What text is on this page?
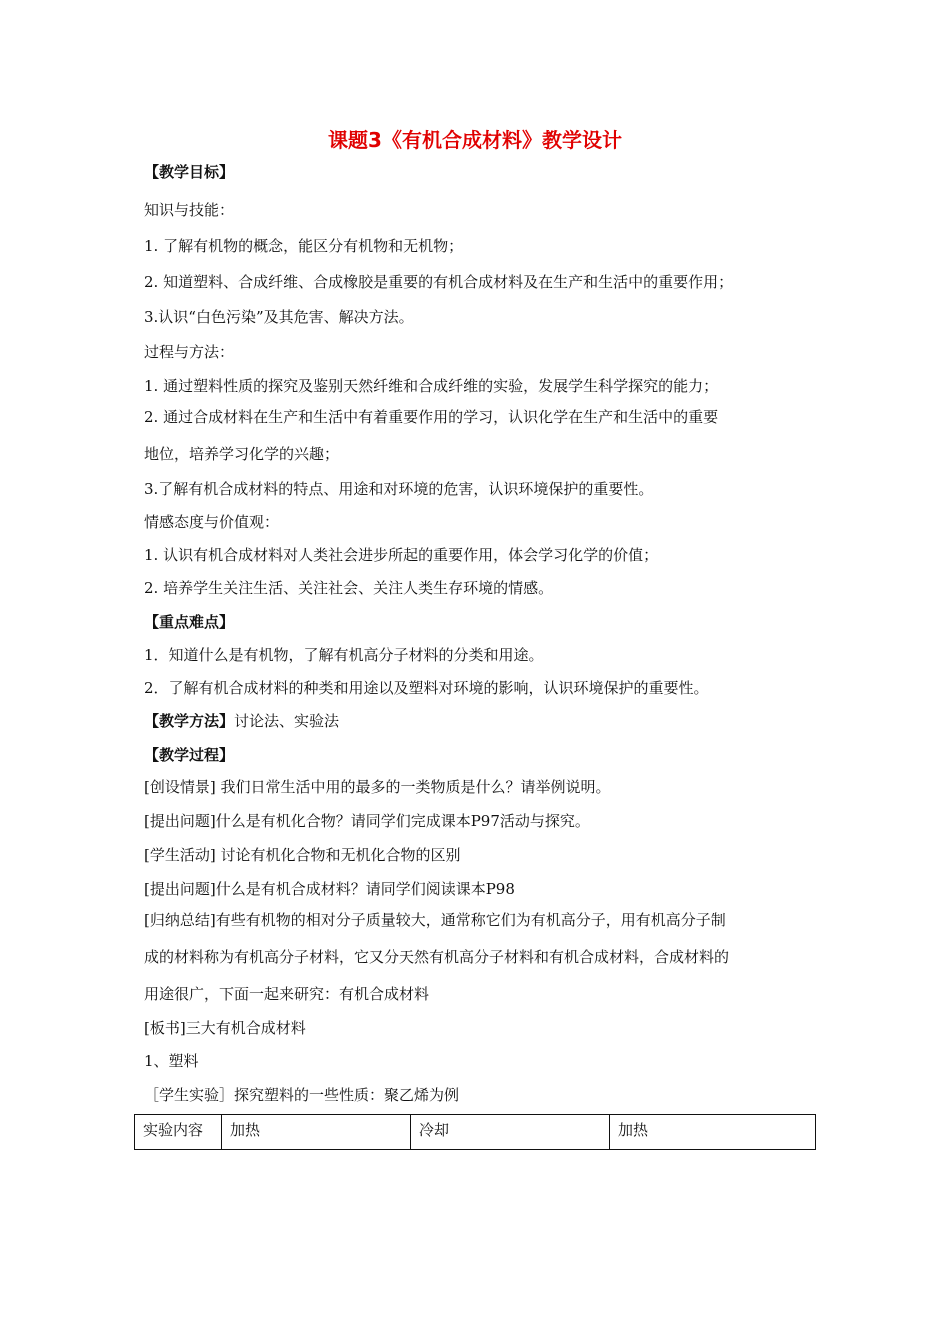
课题3《有机合成材料》教学设计
【教学目标】
知识与技能：
1. 了解有机物的概念，能区分有机物和无机物；
2. 知道塑料、合成纤维、合成橡胶是重要的有机合成材料及在生产和生活中的重要作用；
3.认识“白色污染”及其危害、解决方法。
过程与方法：
1. 通过塑料性质的探究及鉴别天然纤维和合成纤维的实验，发展学生科学探究的能力；
2. 通过合成材料在生产和生活中有着重要作用的学习，认识化学在生产和生活中的重要
地位，培养学习化学的兴趣；
3.了解有机合成材料的特点、用途和对环境的危害，认识环境保护的重要性。
情感态度与价值观：
1. 认识有机合成材料对人类社会进步所起的重要作用，体会学习化学的价值；
2. 培养学生关注生活、关注社会、关注人类生存环境的情感。
【重点难点】
1．知道什么是有机物，了解有机高分子材料的分类和用途。
2．了解有机合成材料的种类和用途以及塑料对环境的影响，认识环境保护的重要性。
【教学方法】讨论法、实验法
【教学过程】
[创设情景] 我们日常生活中用的最多的一类物质是什么？请举例说明。
[提出问题]什么是有机化合物？请同学们完成课本P97活动与探究。
[学生活动] 讨论有机化合物和无机化合物的区别
[提出问题]什么是有机合成材料？请同学们阅读课本P98
[归纳总结]有些有机物的相对分子质量较大，通常称它们为有机高分子，用有机高分子制
成的材料称为有机高分子材料，它又分天然有机高分子材料和有机合成材料，合成材料的
用途很广，下面一起来研究：有机合成材料
[板书]三大有机合成材料
1、塑料
［学生实验］探究塑料的一些性质：聚乙烯为例
实验内容	加热	冷却	加热
